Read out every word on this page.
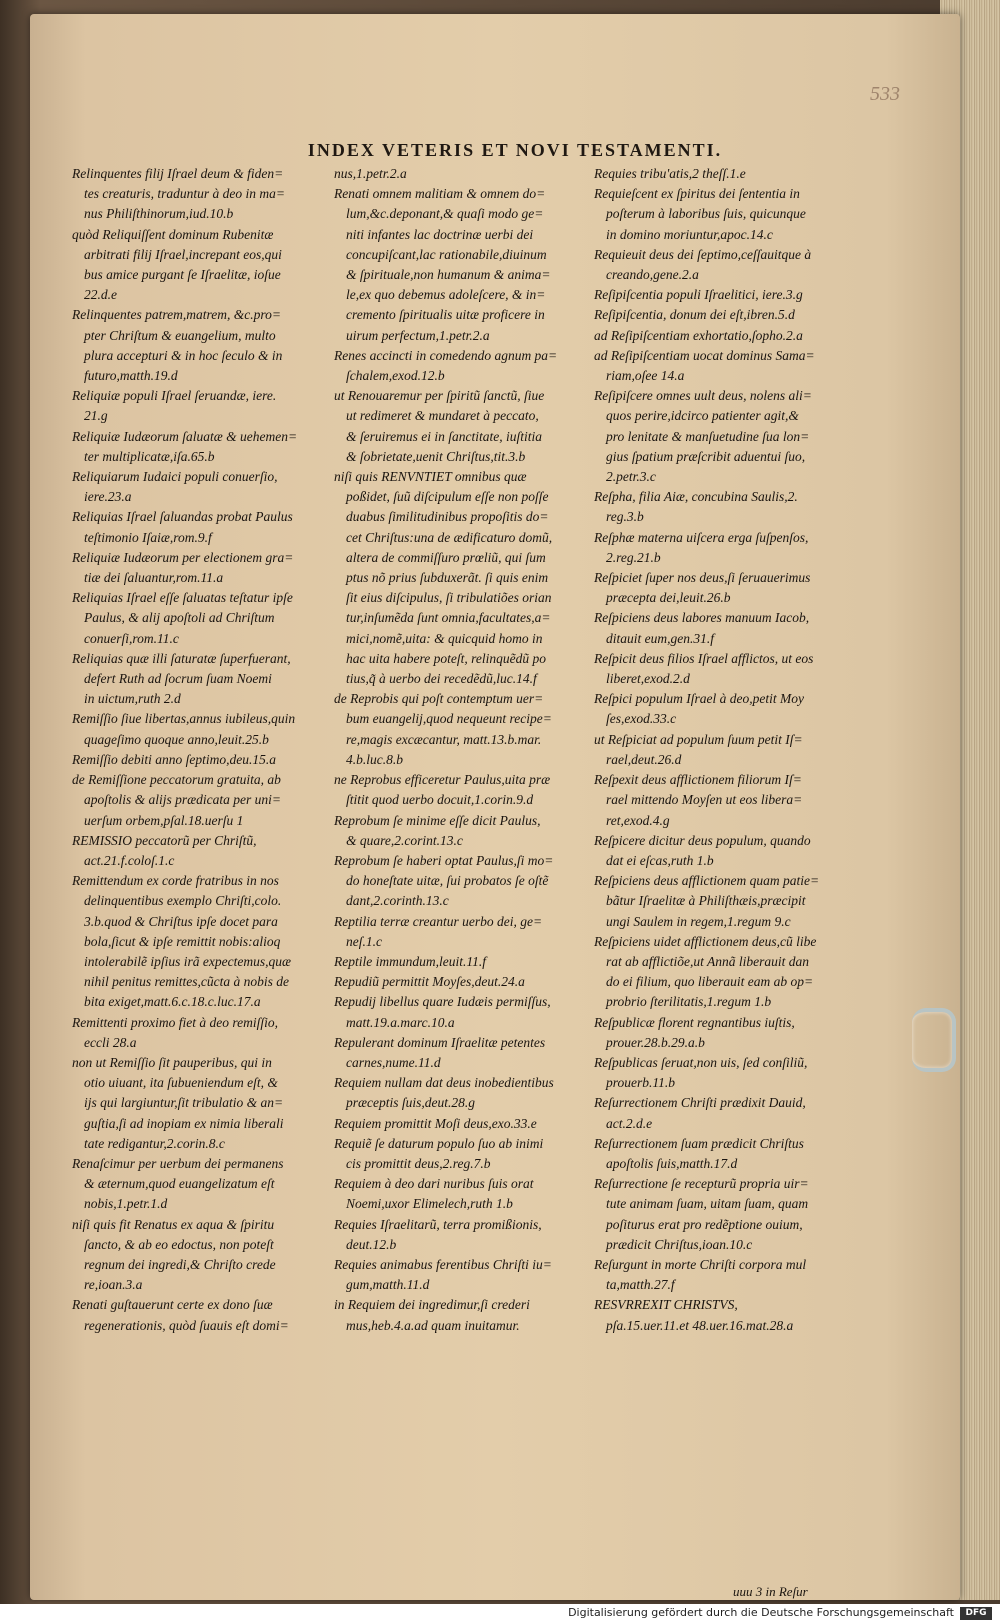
533
INDEX VETERIS ET NOVI TESTAMENTI.
Relinquentes filij Iſrael deum & fiden=
tes creaturis, traduntur à deo in ma=
nus Philiſthinorum,iud.10.b
quòd Reliquiſſent dominum Rubenitæ
arbitrati filij Iſrael,increpant eos,qui
bus amice purgant ſe Iſraelitæ, ioſue
22.d.e
Relinquentes patrem,matrem, &c.pro=
pter Chriſtum & euangelium, multo
plura accepturi & in hoc ſeculo & in
futuro,matth.19.d
Reliquiæ populi Iſrael ſeruandæ, iere.
21.g
Reliquiæ Iudæorum ſaluatæ & uehemen=
ter multiplicatæ,iſa.65.b
Reliquiarum Iudaici populi conuerſio,
iere.23.a
Reliquias Iſrael ſaluandas probat Paulus
teſtimonio Iſaiæ,rom.9.f
Reliquiæ Iudæorum per electionem gra=
tiæ dei ſaluantur,rom.11.a
Reliquias Iſrael eſſe ſaluatas teſtatur ipſe
Paulus, & alij apoſtoli ad Chriſtum
conuerſi,rom.11.c
Reliquias quæ illi ſaturatæ ſuperfuerant,
defert Ruth ad ſocrum ſuam Noemi
in uictum,ruth 2.d
Remiſſio ſiue libertas,annus iubileus,quin
quageſimo quoque anno,leuit.25.b
Remiſſio debiti anno ſeptimo,deu.15.a
de Remiſſione peccatorum gratuita, ab
apoſtolis & alijs prædicata per uni=
uerſum orbem,pſal.18.uerſu 1
REMISSIO peccatorũ per Chriſtũ,
act.21.f.coloſ.1.c
Remittendum ex corde fratribus in nos
delinquentibus exemplo Chriſti,colo.
3.b.quod & Chriſtus ipſe docet para
bola,ſicut & ipſe remittit nobis:alioq
intolerabilẽ ipſius irã expectemus,quæ
nihil penitus remittes,cũcta à nobis de
bita exiget,matt.6.c.18.c.luc.17.a
Remittenti proximo fiet à deo remiſſio,
eccli 28.a
non ut Remiſſio ſit pauperibus, qui in
otio uiuant, ita ſubueniendum eſt, &
ijs qui largiuntur,ſit tribulatio & an=
guſtia,ſi ad inopiam ex nimia liberali
tate redigantur,2.corin.8.c
Renaſcimur per uerbum dei permanens
& æternum,quod euangelizatum eſt
nobis,1.petr.1.d
niſi quis fit Renatus ex aqua & ſpiritu
ſancto, & ab eo edoctus, non poteſt
regnum dei ingredi,& Chriſto crede
re,ioan.3.a
Renati guſtauerunt certe ex dono ſuæ
regenerationis, quòd ſuauis eſt domi=
nus,1.petr.2.a
Renati omnem malitiam & omnem do=
lum,&c.deponant,& quaſi modo ge=
niti infantes lac doctrinæ uerbi dei
concupiſcant,lac rationabile,diuinum
& ſpirituale,non humanum & anima=
le,ex quo debemus adoleſcere, & in=
cremento ſpiritualis uitæ proficere in
uirum perfectum,1.petr.2.a
Renes accincti in comedendo agnum pa=
ſchalem,exod.12.b
ut Renouaremur per ſpiritũ ſanctũ, ſiue
ut redimeret & mundaret à peccato,
& ſeruiremus ei in ſanctitate, iuſtitia
& ſobrietate,uenit Chriſtus,tit.3.b
niſi quis RENVNTIET omnibus quæ
poßidet, ſuũ diſcipulum eſſe non poſſe
duabus ſimilitudinibus propoſitis do=
cet Chriſtus:una de ædificaturo domũ,
altera de commiſſuro prœliũ, qui ſum
ptus nõ prius ſubduxerãt. ſi quis enim
ſit eius diſcipulus, ſi tribulatiões orian
tur,inſumẽda ſunt omnia,facultates,a=
mici,nomẽ,uita: & quicquid homo in
hac uita habere poteſt, relinquẽdũ po
tius,q̃ à uerbo dei recedẽdũ,luc.14.f
de Reprobis qui poſt contemptum uer=
bum euangelij,quod nequeunt recipe=
re,magis excæcantur, matt.13.b.mar.
4.b.luc.8.b
ne Reprobus efficeretur Paulus,uita præ
ſtitit quod uerbo docuit,1.corin.9.d
Reprobum ſe minime eſſe dicit Paulus,
& quare,2.corint.13.c
Reprobum ſe haberi optat Paulus,ſi mo=
do honeſtate uitæ, ſui probatos ſe oſtẽ
dant,2.corinth.13.c
Reptilia terræ creantur uerbo dei, ge=
neſ.1.c
Reptile immundum,leuit.11.f
Repudiũ permittit Moyſes,deut.24.a
Repudij libellus quare Iudæis permiſſus,
matt.19.a.marc.10.a
Repulerant dominum Iſraelitæ petentes
carnes,nume.11.d
Requiem nullam dat deus inobedientibus
præceptis ſuis,deut.28.g
Requiem promittit Moſi deus,exo.33.e
Requiẽ ſe daturum populo ſuo ab inimi
cis promittit deus,2.reg.7.b
Requiem à deo dari nuribus ſuis orat
Noemi,uxor Elimelech,ruth 1.b
Requies Iſraelitarũ, terra promißionis,
deut.12.b
Requies animabus ferentibus Chriſti iu=
gum,matth.11.d
in Requiem dei ingredimur,ſi crederi
mus,heb.4.a.ad quam inuitamur.
Requies tribu'atis,2 theſſ.1.e
Requieſcent ex ſpiritus dei ſententia in
poſterum à laboribus ſuis, quicunque
in domino moriuntur,apoc.14.c
Requieuit deus dei ſeptimo,ceſſauitque à
creando,gene.2.a
Reſipiſcentia populi Iſraelitici, iere.3.g
Reſipiſcentia, donum dei eſt,ibren.5.d
ad Reſipiſcentiam exhortatio,ſopho.2.a
ad Reſipiſcentiam uocat dominus Sama=
riam,oſee 14.a
Reſipiſcere omnes uult deus, nolens ali=
quos perire,idcirco patienter agit,&
pro lenitate & manſuetudine ſua lon=
gius ſpatium præſcribit aduentui ſuo,
2.petr.3.c
Reſpha, filia Aiæ, concubina Saulis,2.
reg.3.b
Reſphæ materna uiſcera erga ſuſpenſos,
2.reg.21.b
Reſpiciet ſuper nos deus,ſi ſeruauerimus
præcepta dei,leuit.26.b
Reſpiciens deus labores manuum Iacob,
ditauit eum,gen.31.f
Reſpicit deus filios Iſrael afflictos, ut eos
liberet,exod.2.d
Reſpici populum Iſrael à deo,petit Moy
ſes,exod.33.c
ut Reſpiciat ad populum ſuum petit Iſ=
rael,deut.26.d
Reſpexit deus afflictionem filiorum Iſ=
rael mittendo Moyſen ut eos libera=
ret,exod.4.g
Reſpicere dicitur deus populum, quando
dat ei eſcas,ruth 1.b
Reſpiciens deus afflictionem quam patie=
bãtur Iſraelitæ à Philiſthæis,præcipit
ungi Saulem in regem,1.regum 9.c
Reſpiciens uidet afflictionem deus,cũ libe
rat ab afflictiõe,ut Annã liberauit dan
do ei filium, quo liberauit eam ab op=
probrio ſterilitatis,1.regum 1.b
Reſpublicæ florent regnantibus iuſtis,
prouer.28.b.29.a.b
Reſpublicas ſeruat,non uis, ſed conſiliũ,
prouerb.11.b
Reſurrectionem Chriſti prædixit Dauid,
act.2.d.e
Reſurrectionem ſuam prædicit Chriſtus
apoſtolis ſuis,matth.17.d
Reſurrectione ſe recepturũ propria uir=
tute animam ſuam, uitam ſuam, quam
poſiturus erat pro redẽptione ouium,
prædicit Chriſtus,ioan.10.c
Reſurgunt in morte Chriſti corpora mul
ta,matth.27.f
RESVRREXIT CHRISTVS,
pſa.15.uer.11.et 48.uer.16.mat.28.a
uuu 3 in Reſur
Digitalisierung gefördert durch die Deutsche Forschungsgemeinschaft	DFG
